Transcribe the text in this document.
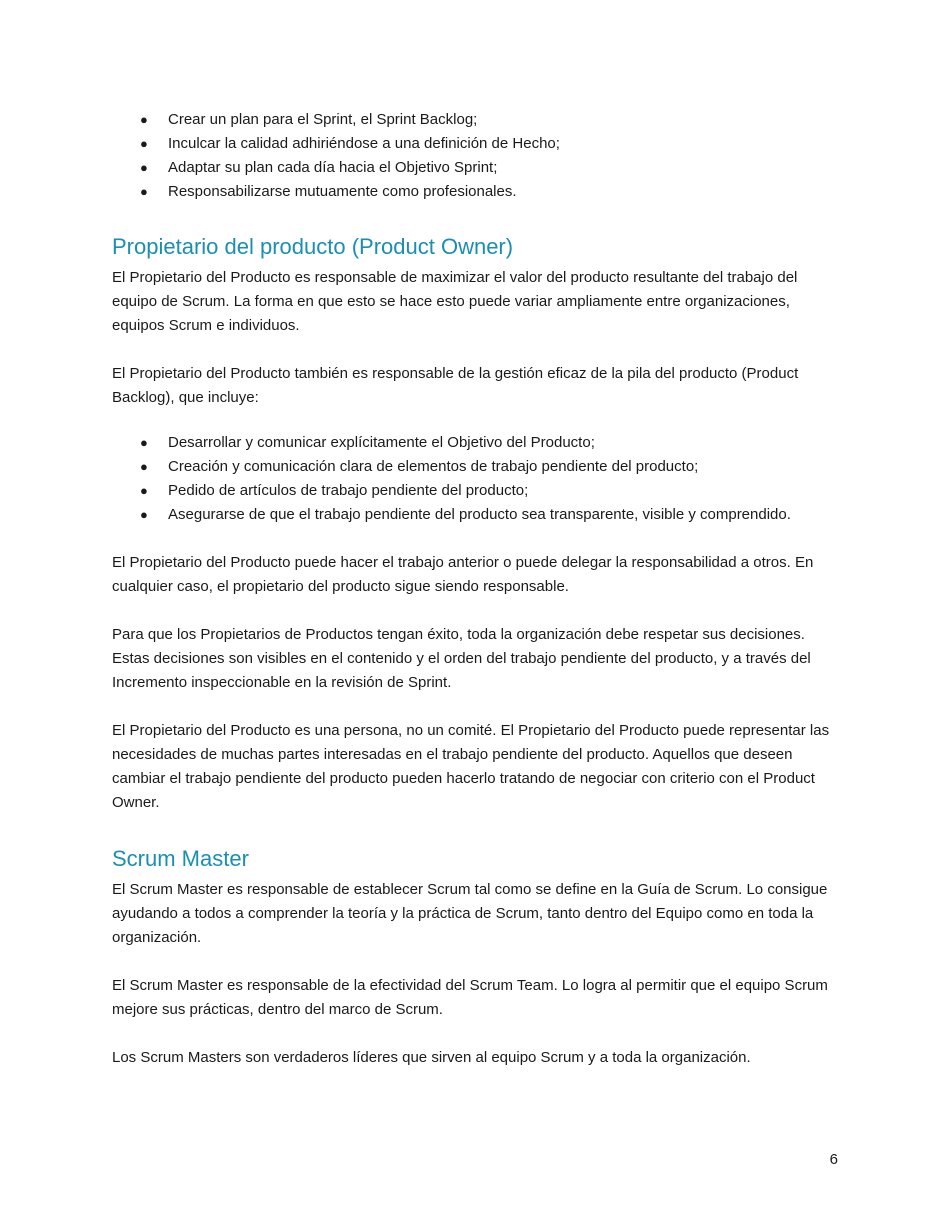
● Crear un plan para el Sprint, el Sprint Backlog;
● Inculcar la calidad adhiriéndose a una definición de Hecho;
● Adaptar su plan cada día hacia el Objetivo Sprint;
● Responsabilizarse mutuamente como profesionales.
Propietario del producto (Product Owner)

El Propietario del Producto es responsable de maximizar el valor del producto resultante del trabajo del equipo de Scrum. La forma en que esto se hace esto puede variar ampliamente entre organizaciones, equipos Scrum e individuos.

El Propietario del Producto también es responsable de la gestión eficaz de la pila del producto (Product Backlog), que incluye:

● Desarrollar y comunicar explícitamente el Objetivo del Producto;
● Creación y comunicación clara de elementos de trabajo pendiente del producto;
● Pedido de artículos de trabajo pendiente del producto;
● Asegurarse de que el trabajo pendiente del producto sea transparente, visible y comprendido.

El Propietario del Producto puede hacer el trabajo anterior o puede delegar la responsabilidad a otros. En cualquier caso, el propietario del producto sigue siendo responsable.

Para que los Propietarios de Productos tengan éxito, toda la organización debe respetar sus decisiones. Estas decisiones son visibles en el contenido y el orden del trabajo pendiente del producto, y a través del Incremento inspeccionable en la revisión de Sprint.

El Propietario del Producto es una persona, no un comité. El Propietario del Producto puede representar las necesidades de muchas partes interesadas en el trabajo pendiente del producto. Aquellos que deseen cambiar el trabajo pendiente del producto pueden hacerlo tratando de negociar con criterio con el Product Owner.

Scrum Master

El Scrum Master es responsable de establecer Scrum tal como se define en la Guía de Scrum. Lo consigue ayudando a todos a comprender la teoría y la práctica de Scrum, tanto dentro del Equipo como en toda la organización.

El Scrum Master es responsable de la efectividad del Scrum Team. Lo logra al permitir que el equipo Scrum mejore sus prácticas, dentro del marco de Scrum.

Los Scrum Masters son verdaderos líderes que sirven al equipo Scrum y a toda la organización.

6
